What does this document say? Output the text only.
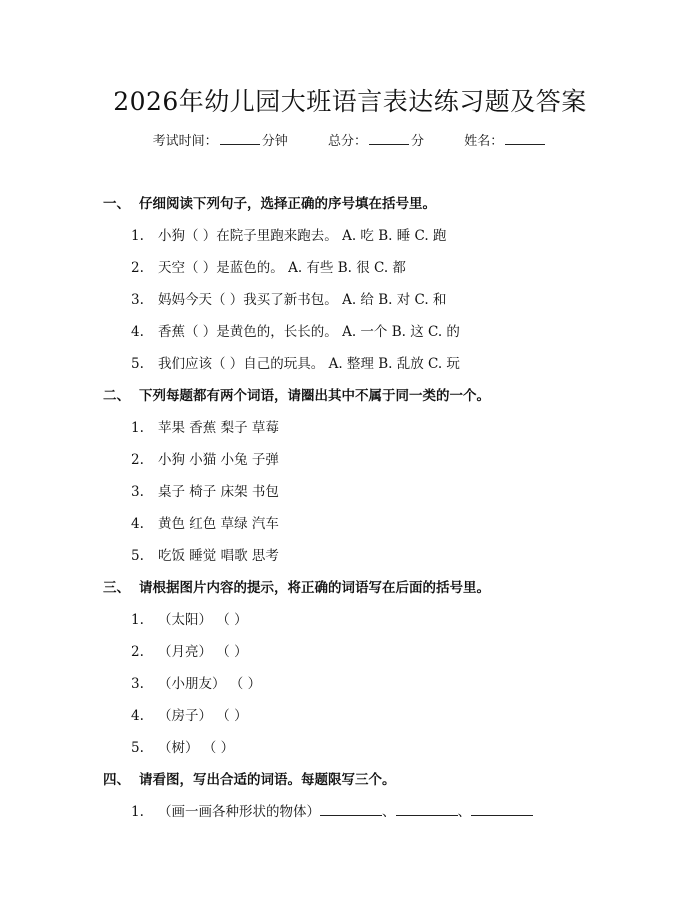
2026年幼儿园大班语言表达练习题及答案
考试时间：	分钟	总分：	分	姓名：
一、 仔细阅读下列句子，选择正确的序号填在括号里。
1. 小狗（ ）在院子里跑来跑去。 A. 吃 B. 睡 C. 跑
2. 天空（ ）是蓝色的。 A. 有些 B. 很 C. 都
3. 妈妈今天（ ）我买了新书包。 A. 给 B. 对 C. 和
4. 香蕉（ ）是黄色的，长长的。 A. 一个 B. 这 C. 的
5. 我们应该（ ）自己的玩具。 A. 整理 B. 乱放 C. 玩
二、 下列每题都有两个词语，请圈出其中不属于同一类的一个。
1. 苹果 香蕉 梨子 草莓
2. 小狗 小猫 小兔 子弹
3. 桌子 椅子 床架 书包
4. 黄色 红色 草绿 汽车
5. 吃饭 睡觉 唱歌 思考
三、 请根据图片内容的提示，将正确的词语写在后面的括号里。
1. （太阳） （ ）
2. （月亮） （ ）
3. （小朋友） （ ）
4. （房子） （ ）
5. （树） （ ）
四、 请看图，写出合适的词语。每题限写三个。
1. （画一画各种形状的物体）	、	、
